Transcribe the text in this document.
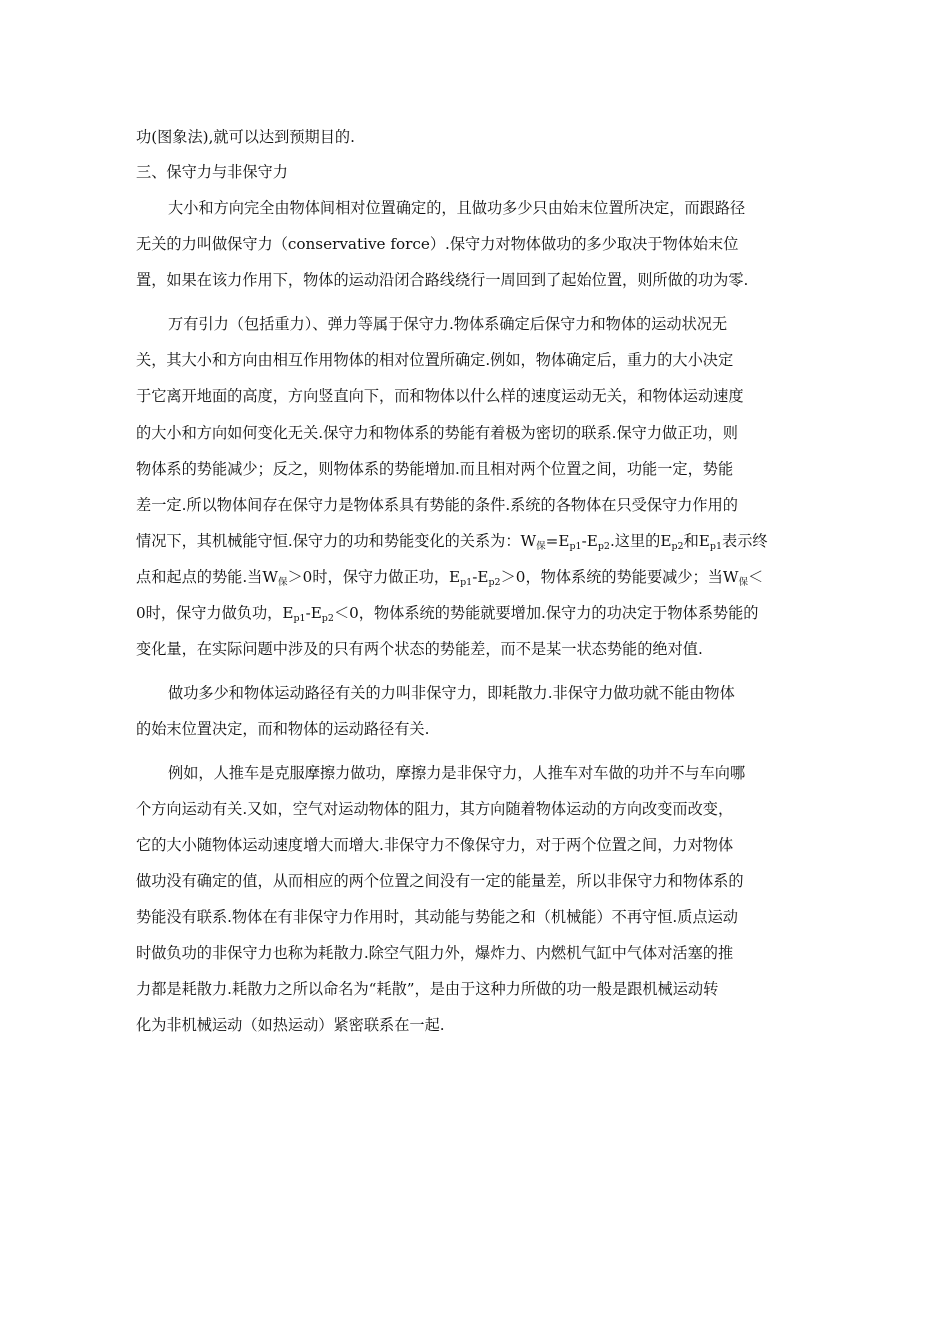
功(图象法),就可以达到预期目的.
三、保守力与非保守力
大小和方向完全由物体间相对位置确定的，且做功多少只由始末位置所决定，而跟路径
无关的力叫做保守力（conservative force）.保守力对物体做功的多少取决于物体始末位
置，如果在该力作用下，物体的运动沿闭合路线绕行一周回到了起始位置，则所做的功为零.
万有引力（包括重力）、弹力等属于保守力.物体系确定后保守力和物体的运动状况无
关，其大小和方向由相互作用物体的相对位置所确定.例如，物体确定后，重力的大小决定
于它离开地面的高度，方向竖直向下，而和物体以什么样的速度运动无关，和物体运动速度
的大小和方向如何变化无关.保守力和物体系的势能有着极为密切的联系.保守力做正功，则
物体系的势能减少；反之，则物体系的势能增加.而且相对两个位置之间，功能一定，势能
差一定.所以物体间存在保守力是物体系具有势能的条件.系统的各物体在只受保守力作用的
情况下，其机械能守恒.保守力的功和势能变化的关系为：W保=Ep1-Ep2.这里的Ep2和Ep1表示终
点和起点的势能.当W保＞0时，保守力做正功，Ep1-Ep2＞0，物体系统的势能要减少；当W保＜
0时，保守力做负功，Ep1-Ep2＜0，物体系统的势能就要增加.保守力的功决定于物体系势能的
变化量，在实际问题中涉及的只有两个状态的势能差，而不是某一状态势能的绝对值.
做功多少和物体运动路径有关的力叫非保守力，即耗散力.非保守力做功就不能由物体
的始末位置决定，而和物体的运动路径有关.
例如，人推车是克服摩擦力做功，摩擦力是非保守力，人推车对车做的功并不与车向哪
个方向运动有关.又如，空气对运动物体的阻力，其方向随着物体运动的方向改变而改变，
它的大小随物体运动速度增大而增大.非保守力不像保守力，对于两个位置之间，力对物体
做功没有确定的值，从而相应的两个位置之间没有一定的能量差，所以非保守力和物体系的
势能没有联系.物体在有非保守力作用时，其动能与势能之和（机械能）不再守恒.质点运动
时做负功的非保守力也称为耗散力.除空气阻力外，爆炸力、内燃机气缸中气体对活塞的推
力都是耗散力.耗散力之所以命名为“耗散”，是由于这种力所做的功一般是跟机械运动转
化为非机械运动（如热运动）紧密联系在一起.
